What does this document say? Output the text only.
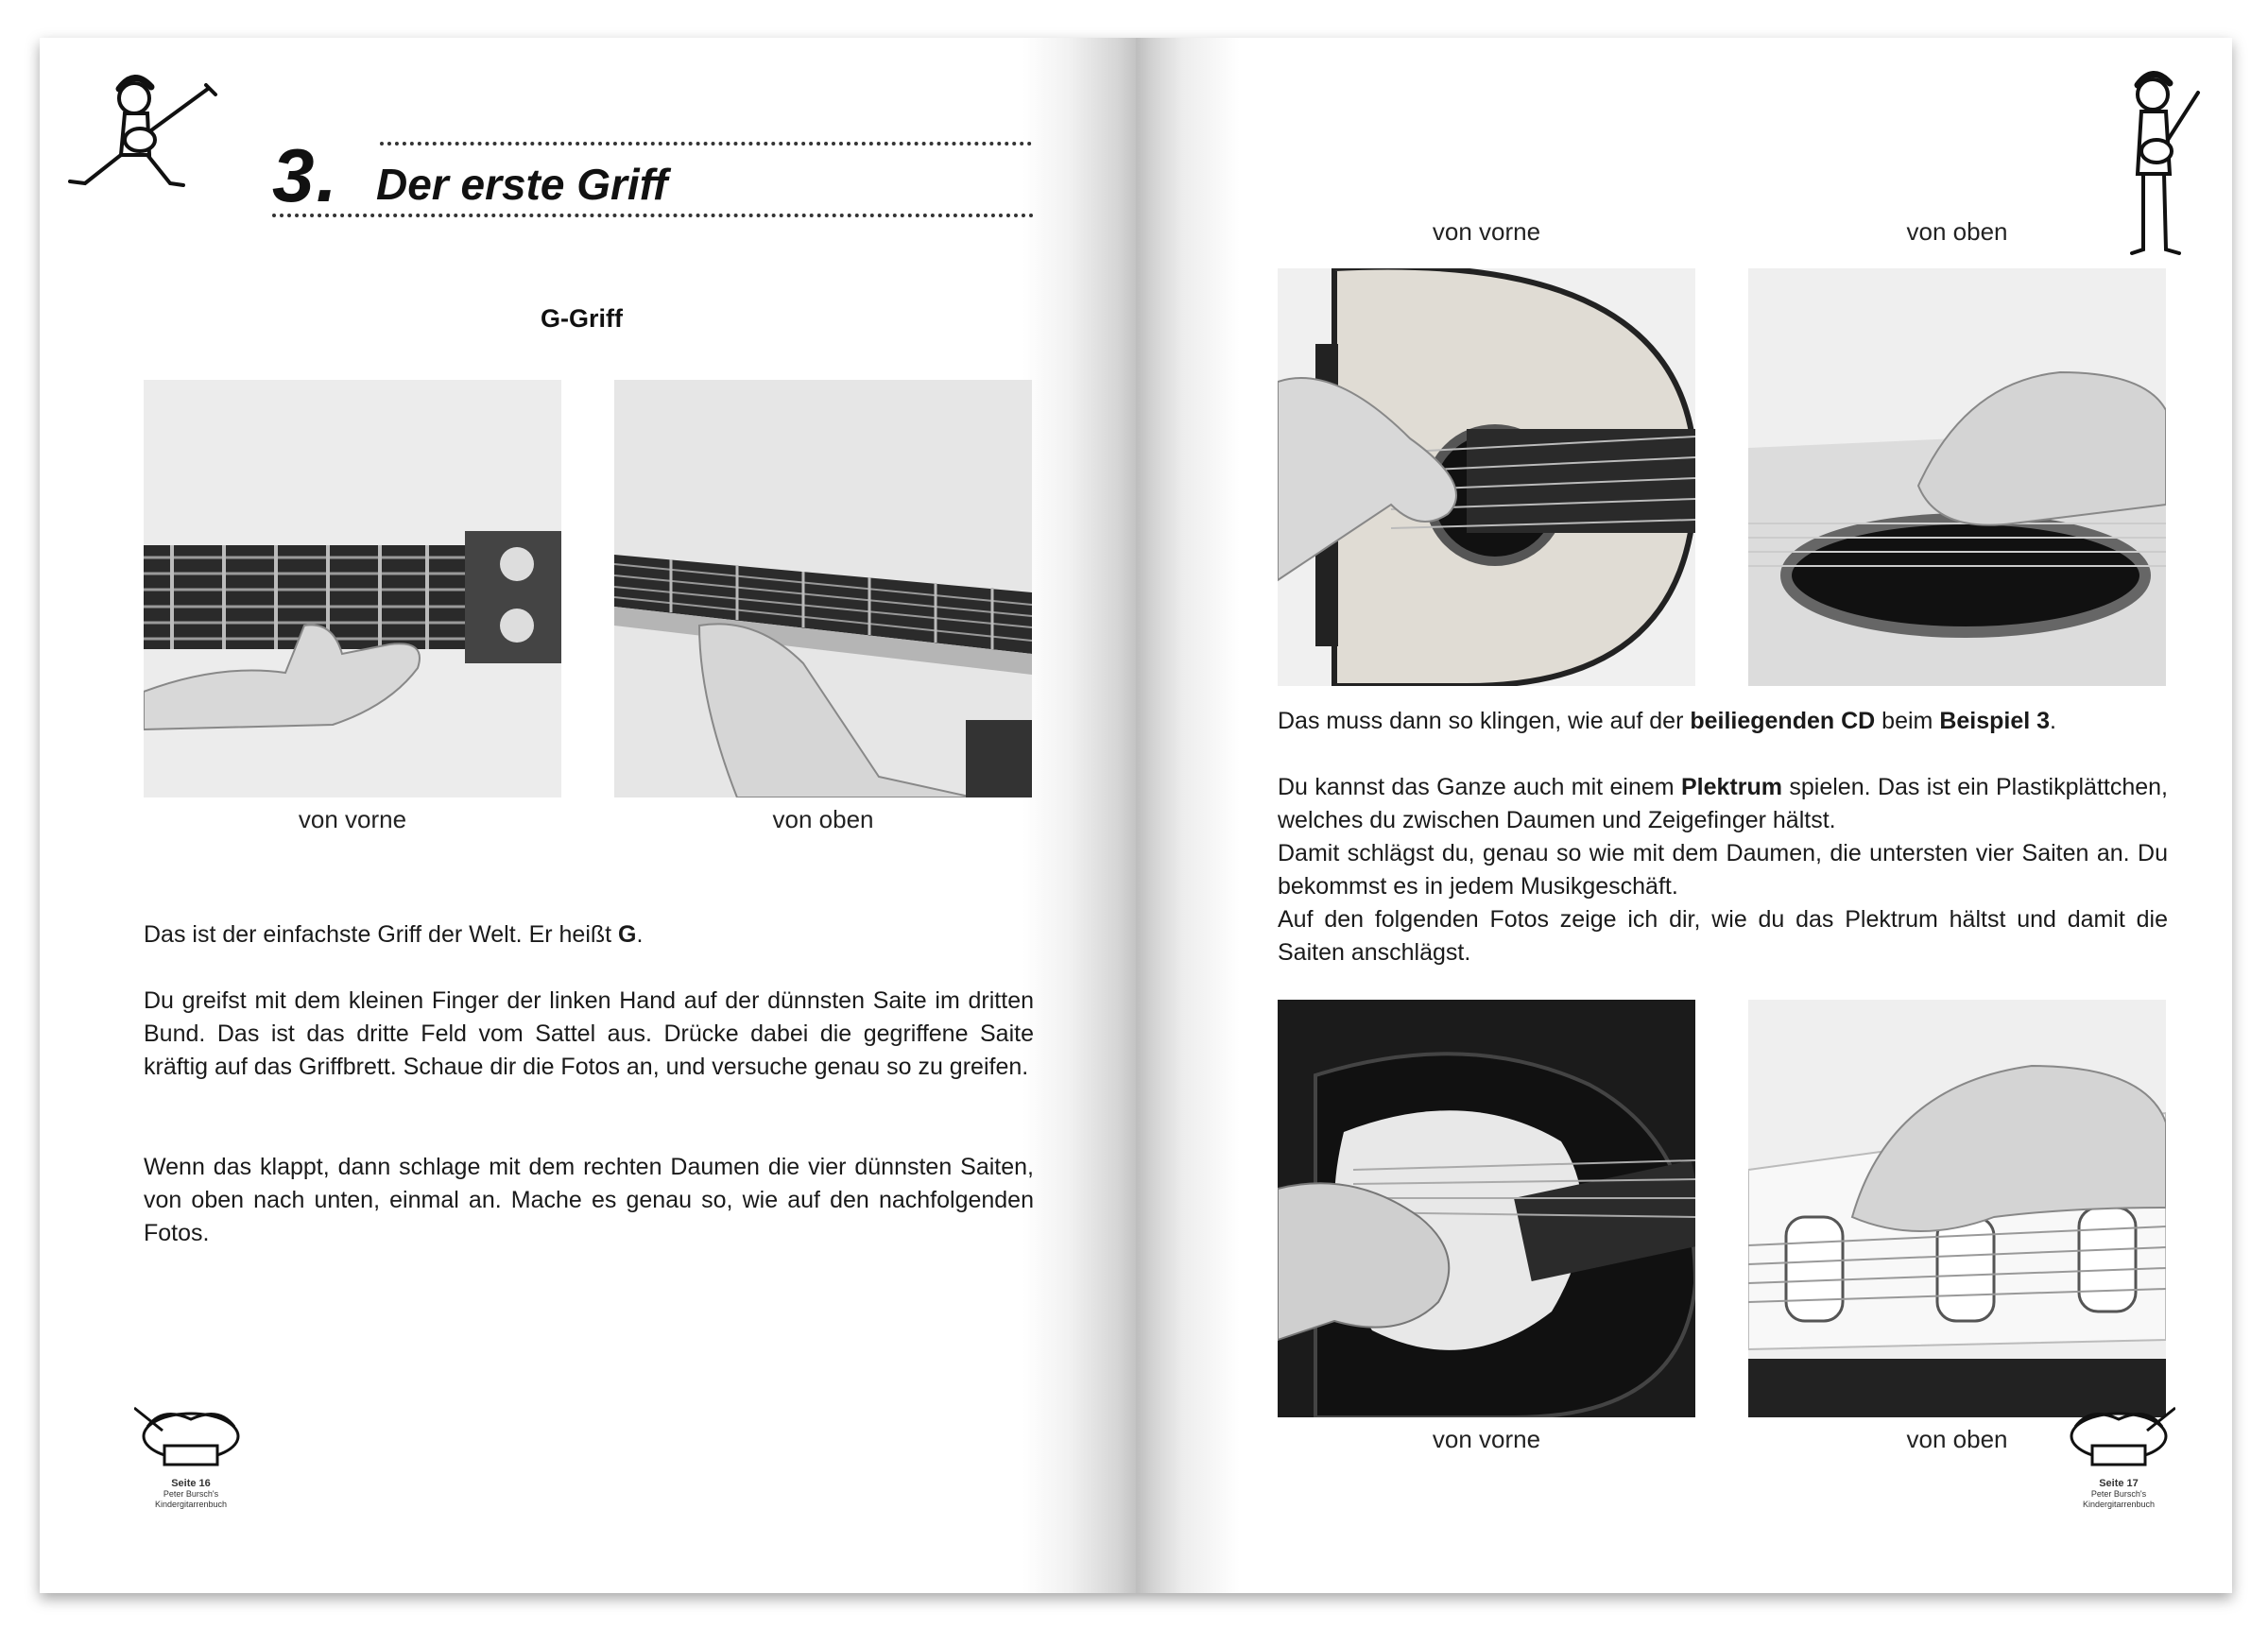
3. Der erste Griff
G-Griff
von vorne	von oben
Das ist der einfachste Griff der Welt. Er heißt G.
Du greifst mit dem kleinen Finger der linken Hand auf der dünnsten Saite im dritten Bund. Das ist das dritte Feld vom Sattel aus. Drücke dabei die gegriffene Saite kräftig auf das Griffbrett. Schaue dir die Fotos an, und versuche genau so zu greifen.
Wenn das klappt, dann schlage mit dem rechten Daumen die vier dünnsten Saiten, von oben nach unten, einmal an. Mache es genau so, wie auf den nachfolgenden Fotos.
Seite 16
Peter Bursch's
Kindergitarrenbuch
von vorne	von oben
Das muss dann so klingen, wie auf der beiliegenden CD beim Beispiel 3.
Du kannst das Ganze auch mit einem Plektrum spielen. Das ist ein Plastikplättchen, welches du zwischen Daumen und Zeigefinger hältst.
Damit schlägst du, genau so wie mit dem Daumen, die untersten vier Saiten an. Du bekommst es in jedem Musikgeschäft.
Auf den folgenden Fotos zeige ich dir, wie du das Plektrum hältst und damit die Saiten anschlägst.
von vorne	von oben
Seite 17
Peter Bursch's
Kindergitarrenbuch
